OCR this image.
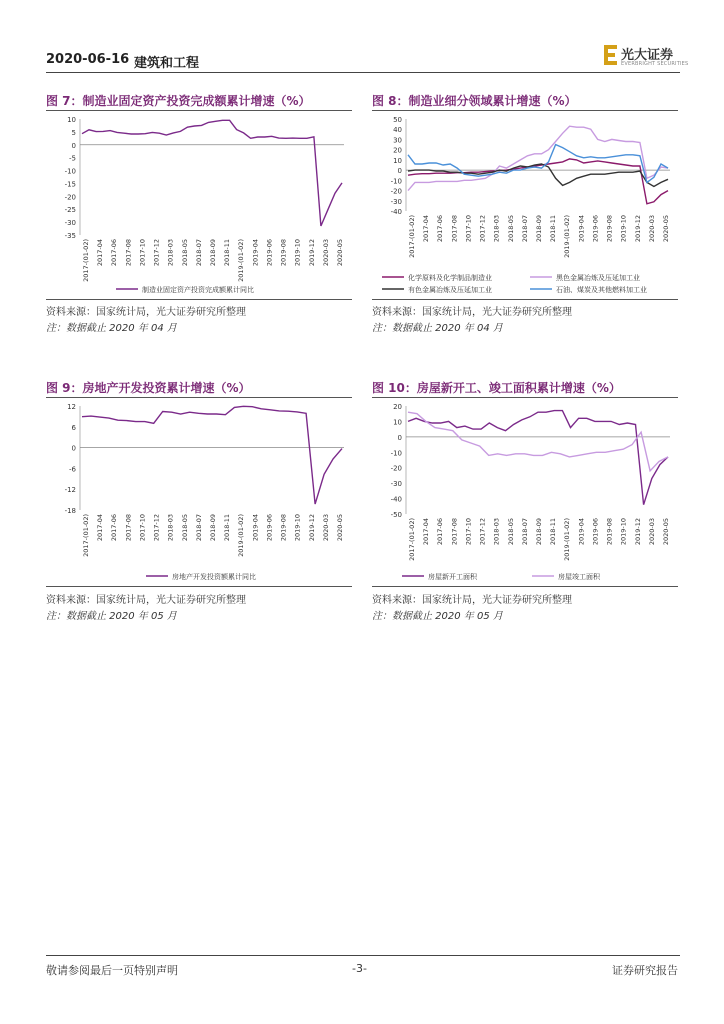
2020-06-16 建筑和工程
光大证券
EVERBRIGHT SECURITIES
图 7：制造业固定资产投资完成额累计增速（%）
10
5
0
-5
-10
-15
-20
-25
-30
-35
2017-(01-02) 2017-04 2017-06 2017-08 2017-10 2017-12 2018-03 2018-05 2018-07 2018-09 2018-11 2019-(01-02) 2019-04 2019-06 2019-08 2019-10 2019-12 2020-03 2020-05
制造业固定资产投资完成额累计同比
资料来源：国家统计局，光大证券研究所整理
注：数据截止 2020 年 04 月
图 8：制造业细分领域累计增速（%）
50
40
30
20
10
0
-10
-20
-30
-40
2017-(01-02) 2017-04 2017-06 2017-08 2017-10 2017-12 2018-03 2018-05 2018-07 2018-09 2018-11 2019-(01-02) 2019-04 2019-06 2019-08 2019-10 2019-12 2020-03 2020-05
化学原料及化学制品制造业	黑色金属冶炼及压延加工业
有色金属冶炼及压延加工业	石油、煤炭及其他燃料加工业
资料来源：国家统计局，光大证券研究所整理
注：数据截止 2020 年 04 月
图 9：房地产开发投资累计增速（%）
12
6
0
-6
-12
-18
2017-(01-02) 2017-04 2017-06 2017-08 2017-10 2017-12 2018-03 2018-05 2018-07 2018-09 2018-11 2019-(01-02) 2019-04 2019-06 2019-08 2019-10 2019-12 2020-03 2020-05
房地产开发投资额累计同比
资料来源：国家统计局，光大证券研究所整理
注：数据截止 2020 年 05 月
图 10：房屋新开工、竣工面积累计增速（%）
20
10
0
-10
-20
-30
-40
-50
2017-(01-02) 2017-04 2017-06 2017-08 2017-10 2017-12 2018-03 2018-05 2018-07 2018-09 2018-11 2019-(01-02) 2019-04 2019-06 2019-08 2019-10 2019-12 2020-03 2020-05
房屋新开工面积	房屋竣工面积
资料来源：国家统计局，光大证券研究所整理
注：数据截止 2020 年 05 月
敬请参阅最后一页特别声明	-3-	证券研究报告
